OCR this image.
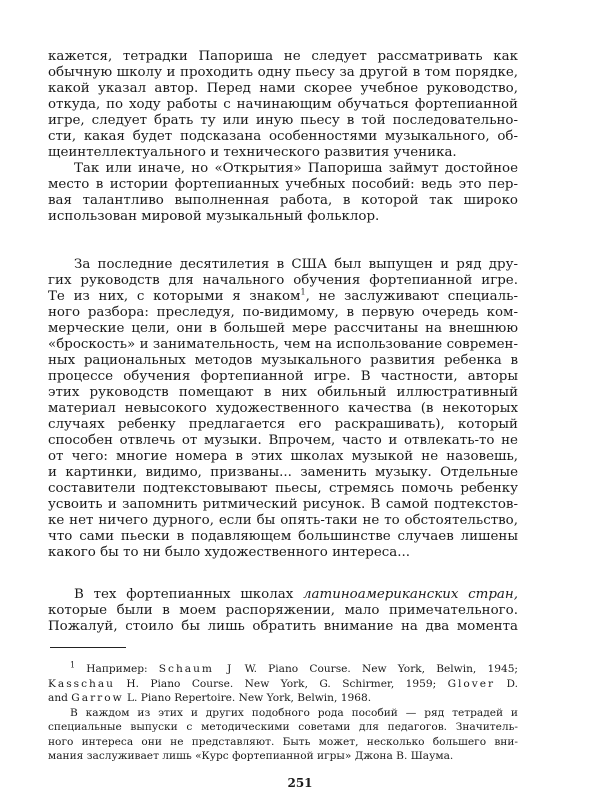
кажется, тетрадки Папориша не следует рассматривать как
обычную школу и проходить одну пьесу за другой в том порядке,
какой указал автор. Перед нами скорее учебное руководство,
откуда, по ходу работы с начинающим обучаться фортепианной
игре, следует брать ту или иную пьесу в той последовательно-
сти, какая будет подсказана особенностями музыкального, об-
щеинтеллектуального и технического развития ученика.
Так или иначе, но «Открытия» Папориша займут достойное
место в истории фортепианных учебных пособий: ведь это пер-
вая талантливо выполненная работа, в которой так широко
использован мировой музыкальный фольклор.
За последние десятилетия в США был выпущен и ряд дру-
гих руководств для начального обучения фортепианной игре.
Те из них, с которыми я знаком$^1$, не заслуживают специаль-
ного разбора: преследуя, по-видимому, в первую очередь ком-
мерческие цели, они в большей мере рассчитаны на внешнюю
«броскость» и занимательность, чем на использование современ-
ных рациональных методов музыкального развития ребенка в
процессе обучения фортепианной игре. В частности, авторы
этих руководств помещают в них обильный иллюстративный
материал невысокого художественного качества (в некоторых
случаях ребенку предлагается его раскрашивать), который
способен отвлечь от музыки. Впрочем, часто и отвлекать-то не
от чего: многие номера в этих школах музыкой не назовешь,
и картинки, видимо, призваны... заменить музыку. Отдельные
составители подтекстовывают пьесы, стремясь помочь ребенку
усвоить и запомнить ритмический рисунок. В самой подтекстов-
ке нет ничего дурного, если бы опять-таки не то обстоятельство,
что сами пьески в подавляющем большинстве случаев лишены
какого бы то ни было художественного интереса...
В тех фортепианных школах латиноамериканских стран,
которые были в моем распоряжении, мало примечательного.
Пожалуй, стоило бы лишь обратить внимание на два момента
$^1$ Например: Schaum J W. Piano Course. New York, Belwin, 1945;
Kasschau H. Piano Course. New York, G. Schirmer, 1959; Glover D.
and Garrow L. Piano Repertoire. New York, Belwin, 1968.
В каждом из этих и других подобного рода пособий — ряд тетрадей и
специальные выпуски с методическими советами для педагогов. Значитель-
ного интереса они не представляют. Быть может, несколько большего вни-
мания заслуживает лишь «Курс фортепианной игры» Джона В. Шаума.
251
